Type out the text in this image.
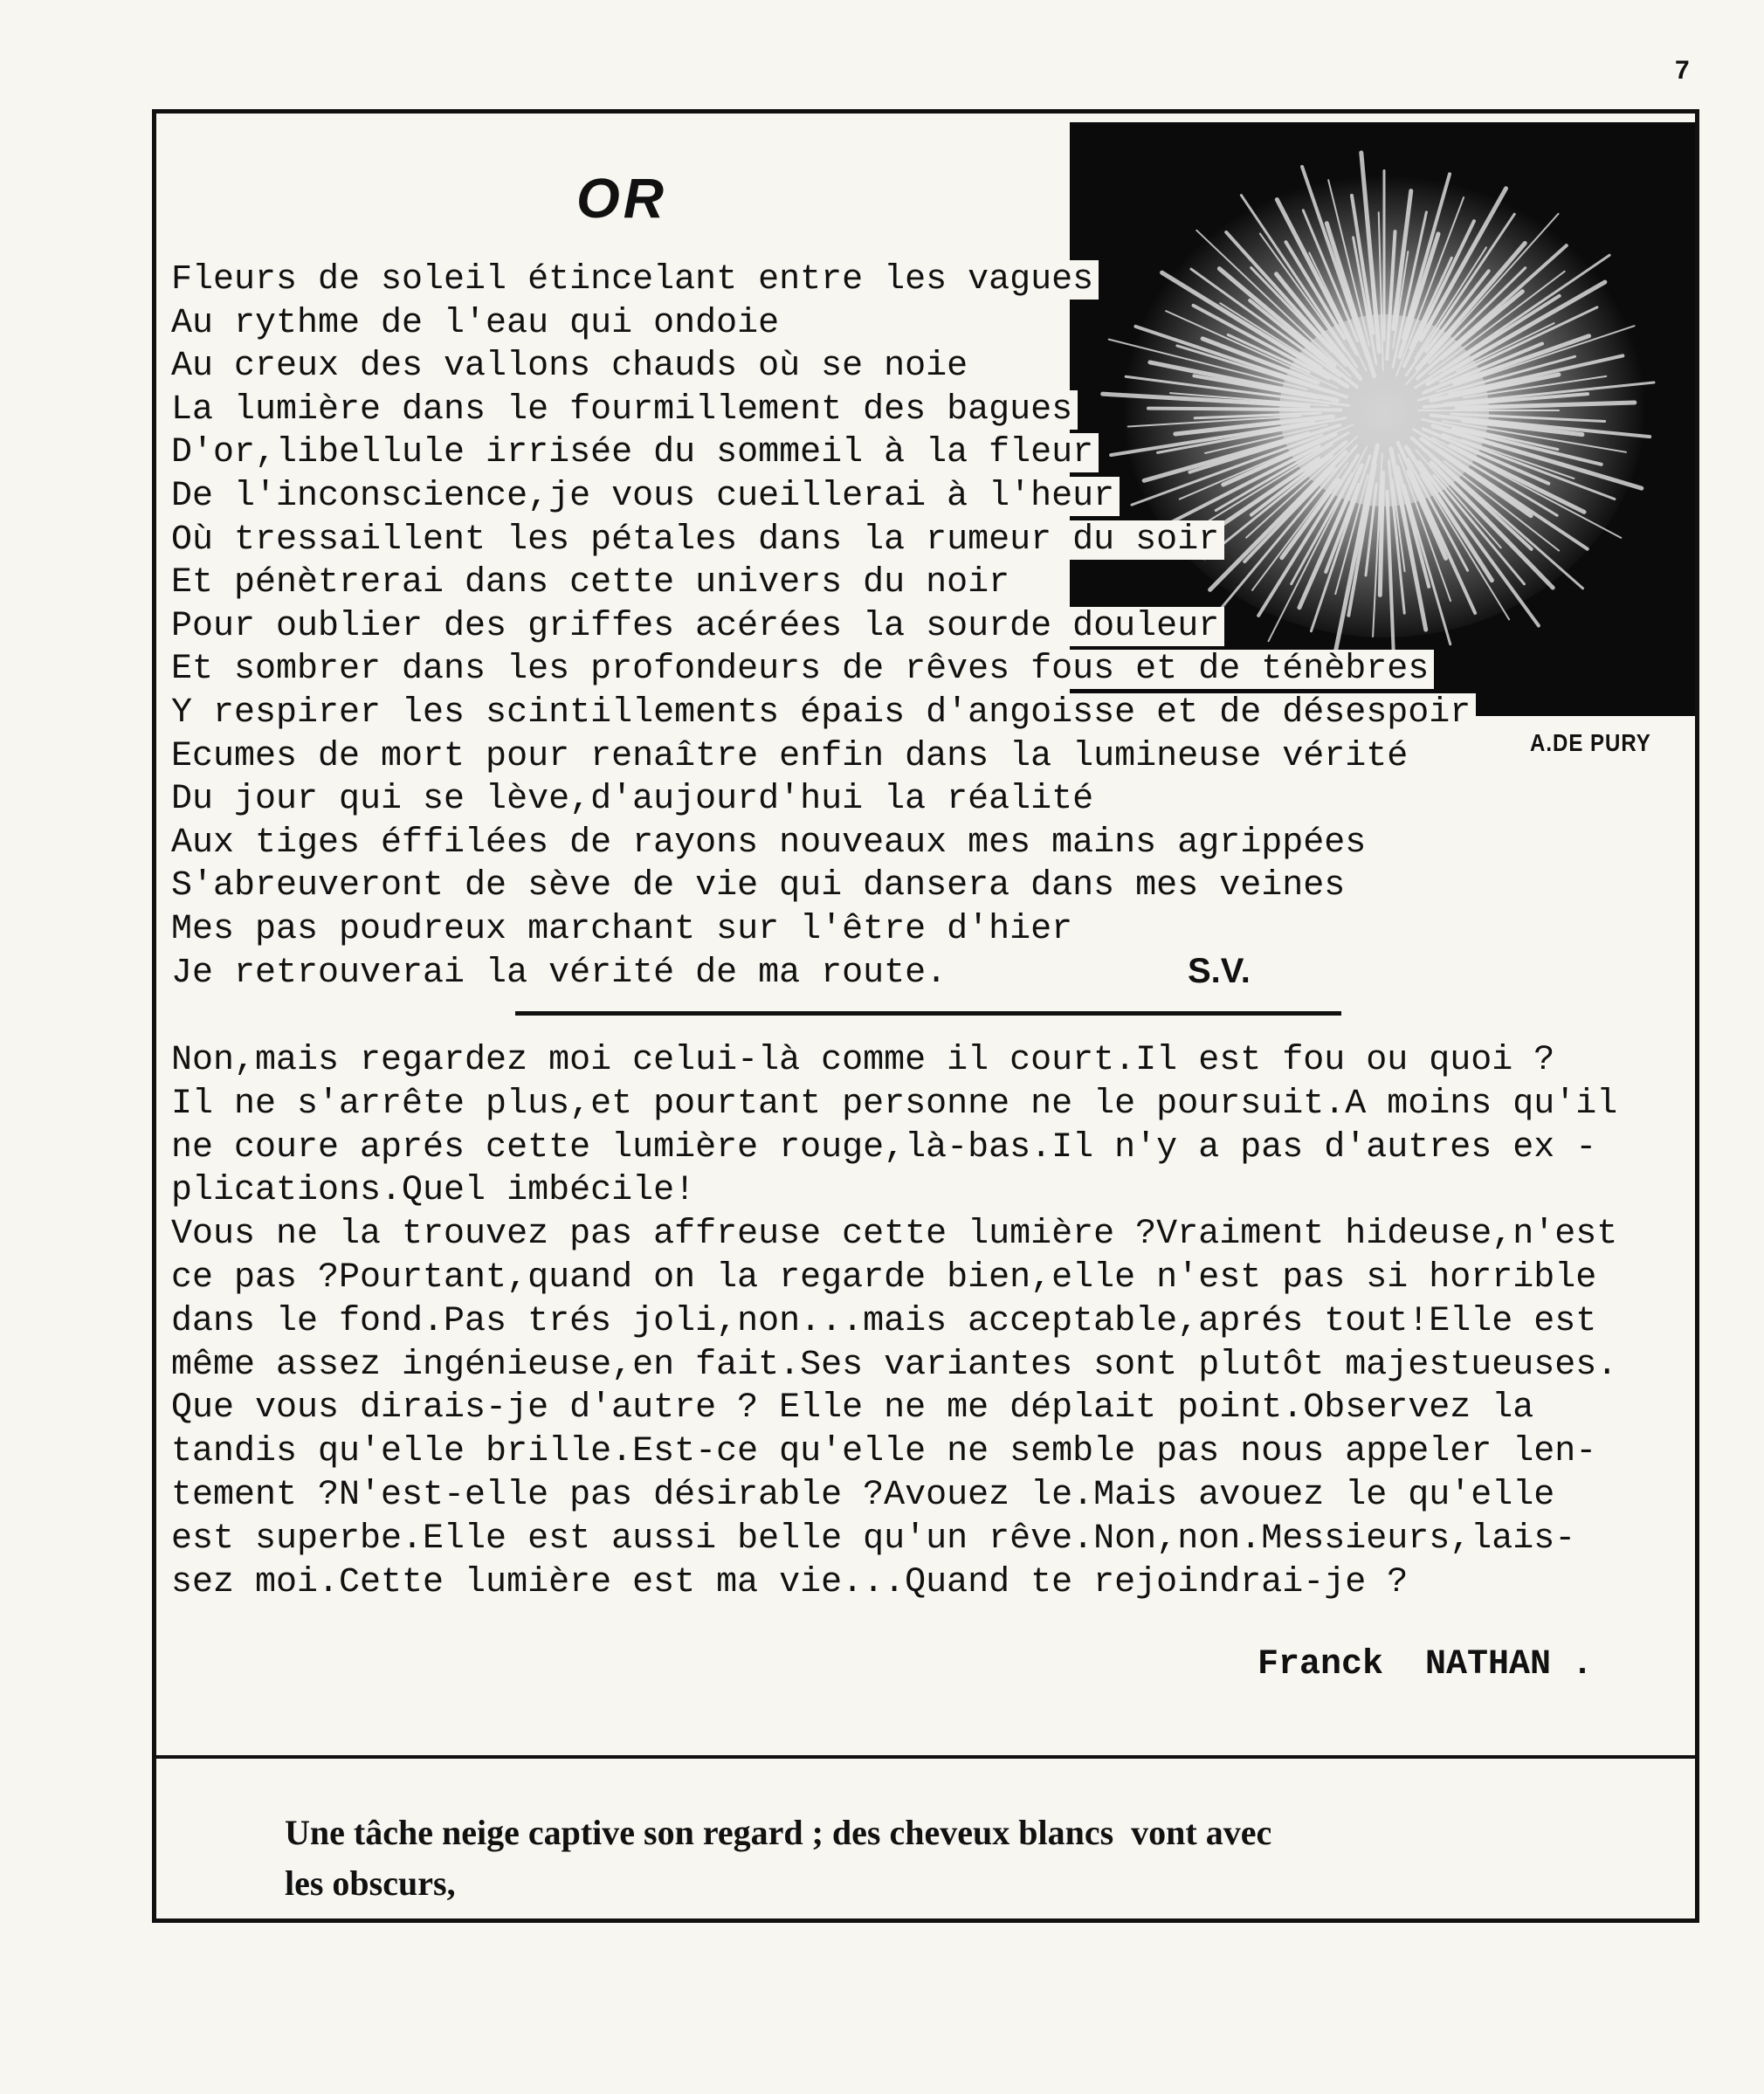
7
A.DE PURY
OR
Fleurs de soleil étincelant entre les vagues
Au rythme de l'eau qui ondoie
Au creux des vallons chauds où se noie
La lumière dans le fourmillement des bagues
D'or,libellule irrisée du sommeil à la fleur
De l'inconscience,je vous cueillerai à l'heur
Où tressaillent les pétales dans la rumeur du soir
Et pénètrerai dans cette univers du noir
Pour oublier des griffes acérées la sourde douleur
Et sombrer dans les profondeurs de rêves fous et de ténèbres
Y respirer les scintillements épais d'angoisse et de désespoir
Ecumes de mort pour renaître enfin dans la lumineuse vérité
Du jour qui se lève,d'aujourd'hui la réalité
Aux tiges éffilées de rayons nouveaux mes mains agrippées
S'abreuveront de sève de vie qui dansera dans mes veines
Mes pas poudreux marchant sur l'être d'hier
Je retrouverai la vérité de ma route.	S.V.
Non,mais regardez moi celui-là comme il court.Il est fou ou quoi ?
Il ne s'arrête plus,et pourtant personne ne le poursuit.A moins qu'il
ne coure aprés cette lumière rouge,là-bas.Il n'y a pas d'autres ex -
plications.Quel imbécile!
Vous ne la trouvez pas affreuse cette lumière ?Vraiment hideuse,n'est
ce pas ?Pourtant,quand on la regarde bien,elle n'est pas si horrible
dans le fond.Pas trés joli,non...mais acceptable,aprés tout!Elle est
même assez ingénieuse,en fait.Ses variantes sont plutôt majestueuses.
Que vous dirais-je d'autre ? Elle ne me déplait point.Observez la
tandis qu'elle brille.Est-ce qu'elle ne semble pas nous appeler len-
tement ?N'est-elle pas désirable ?Avouez le.Mais avouez le qu'elle
est superbe.Elle est aussi belle qu'un rêve.Non,non.Messieurs,lais-
sez moi.Cette lumière est ma vie...Quand te rejoindrai-je ?
Franck  NATHAN .
Une tâche neige captive son regard ; des cheveux blancs  vont avec
les obscurs,
